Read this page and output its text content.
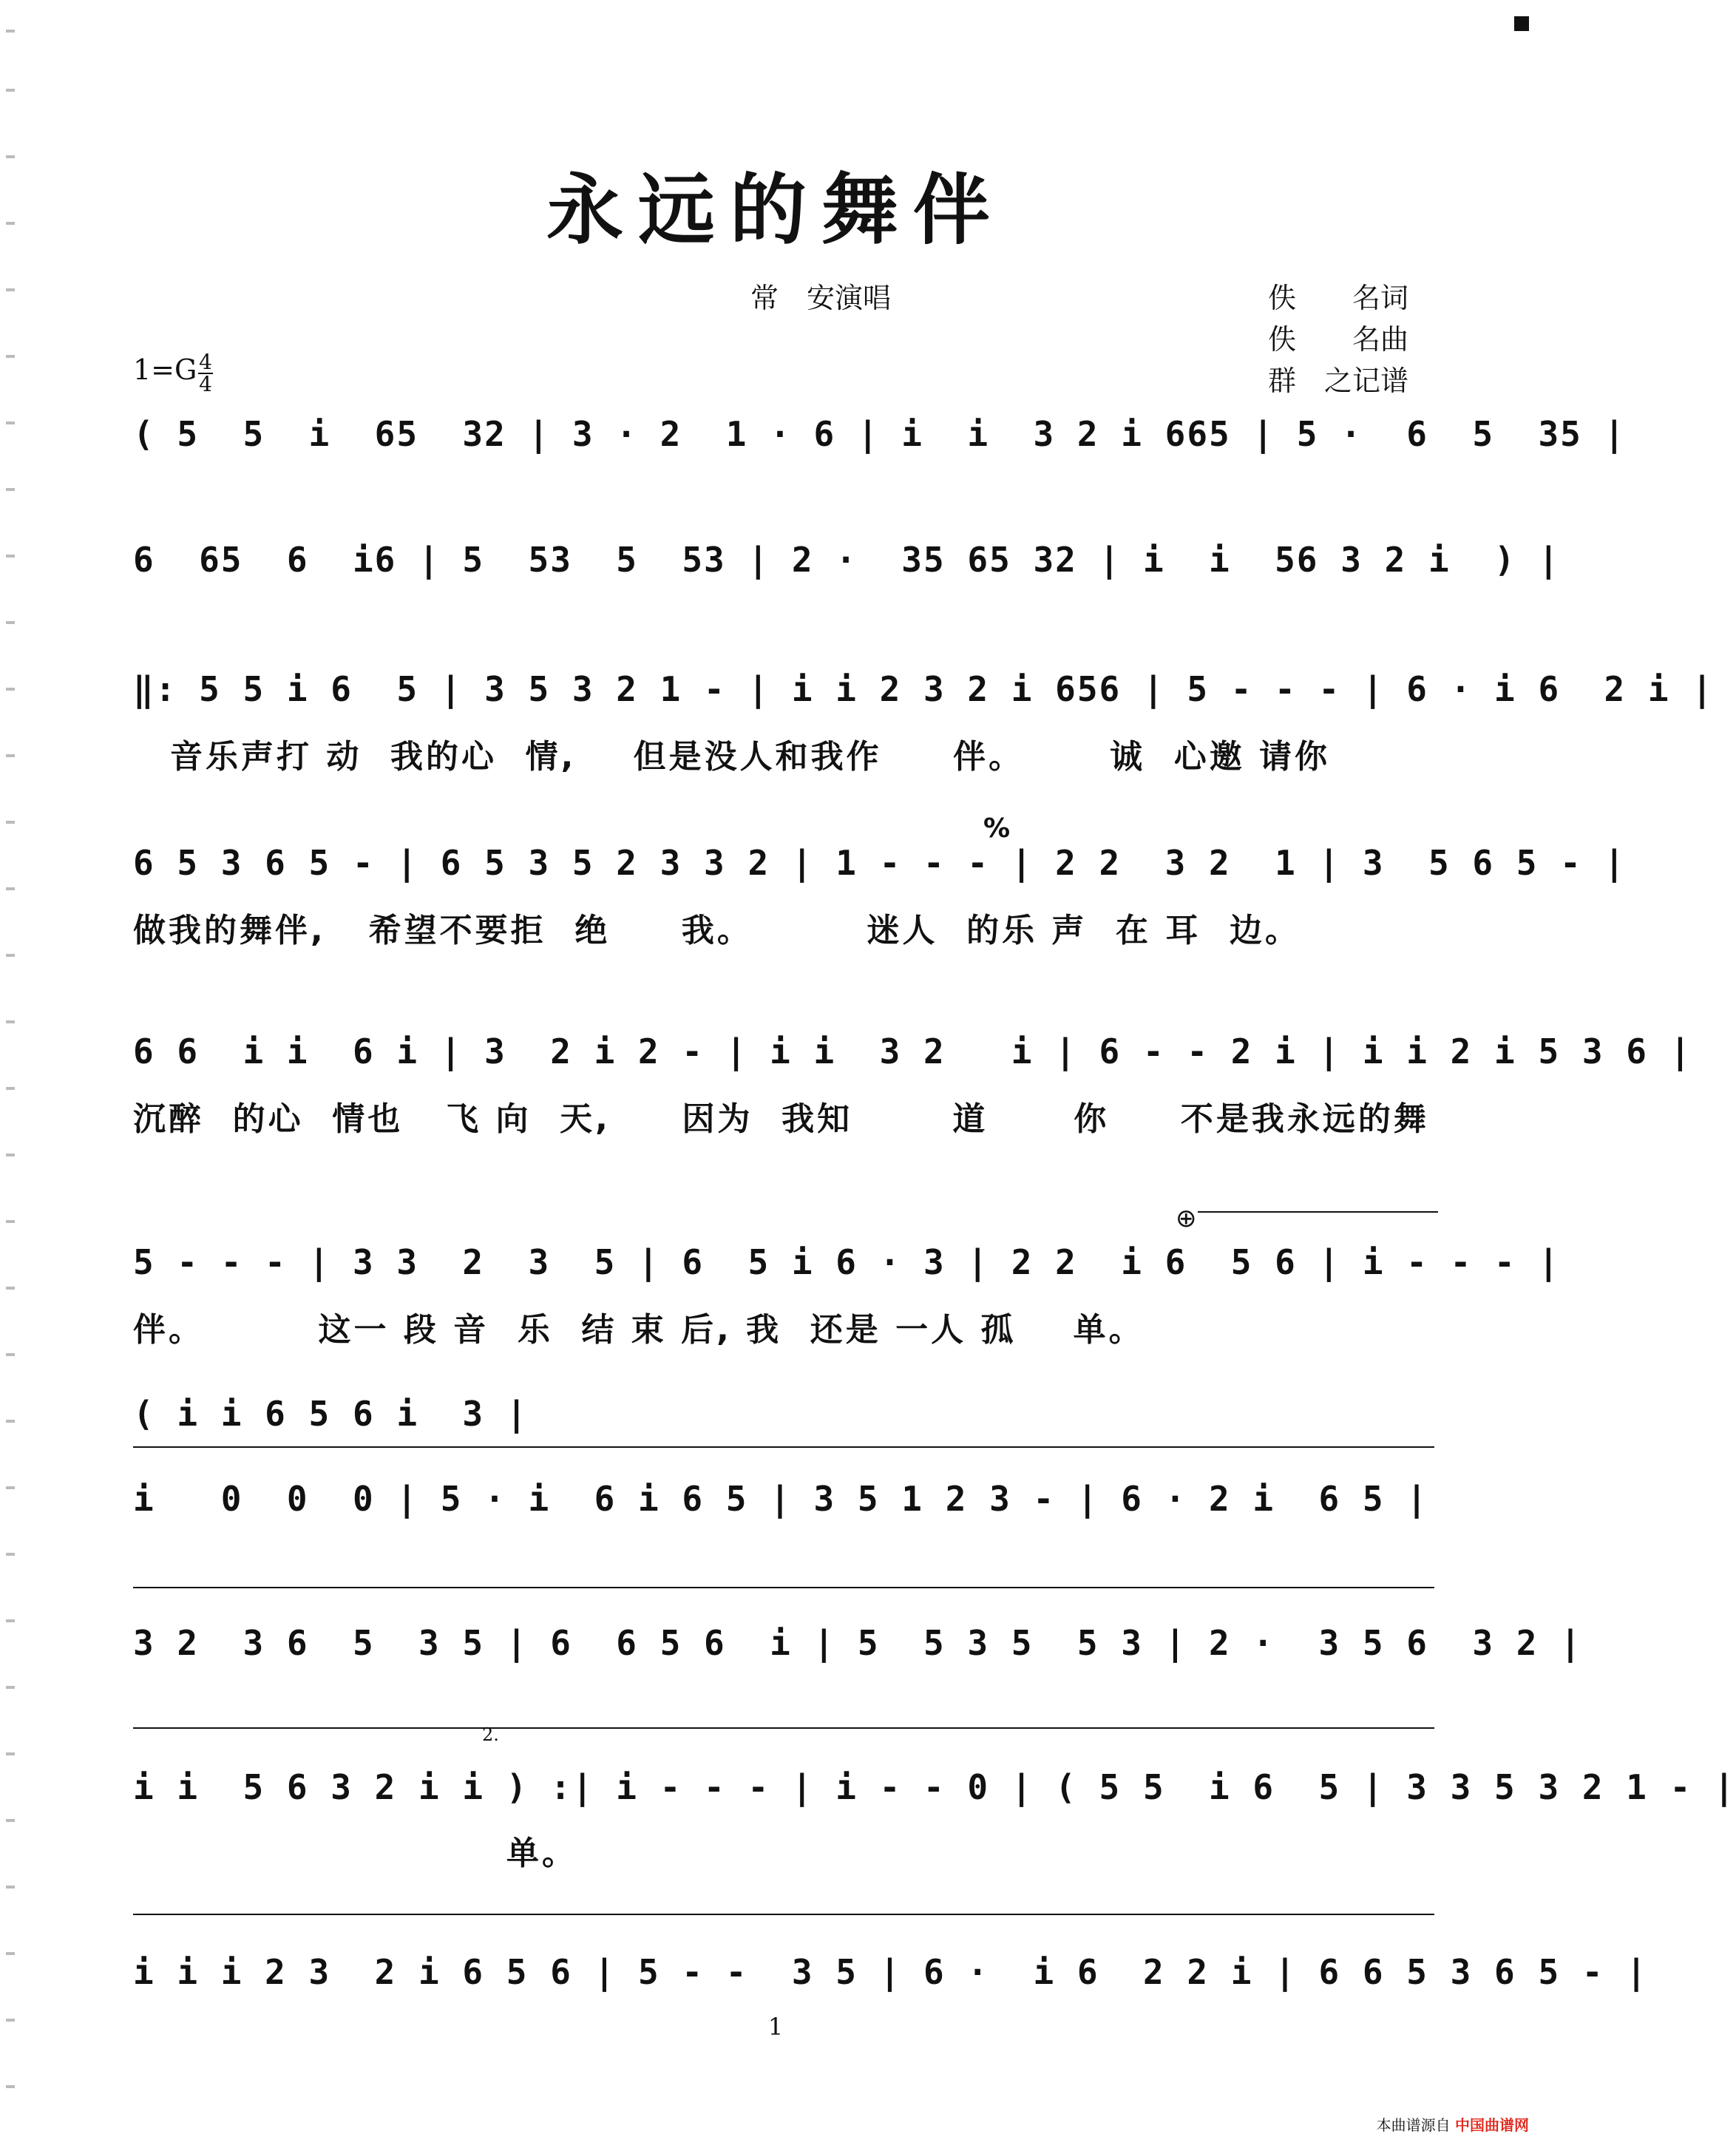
永远的舞伴
常　安演唱	佚　　名词
佚　　名曲
群　之记谱
1=G 4
4
( 5  5  i  65  32 | 3 · 2  1 · 6 | i  i  3 2 i 665 | 5 ·  6  5  35 |
6  65  6  i6 | 5  53  5  53 | 2 ·  35 65 32 | i  i  56 3 2 i  ) |
‖: 5 5 i 6  5 | 3 5 3 2 1 - | i i 2 3 2 i 656 | 5 - - - | 6 · i 6  2 i |
音乐声打 动  我的心  情,    但是没人和我作     伴。      诚  心邀 请你
%
6 5 3 6 5 - | 6 5 3 5 2 3 3 2 | 1 - - - | 2 2  3 2  1 | 3  5 6 5 - |
做我的舞伴,   希望不要拒  绝     我。        迷人  的乐 声  在 耳  边。
6 6  i i  6 i | 3  2 i 2 - | i i  3 2   i | 6 - - 2 i | i i 2 i 5 3 6 |
沉醉  的心  情也   飞 向  天,     因为  我知       道      你     不是我永远的舞
⊕
5 - - - | 3 3  2  3  5 | 6  5 i 6 · 3 | 2 2  i 6  5 6 | i - - - |
伴。        这一 段 音  乐  结 束 后, 我  还是 一人 孤    单。
( i i 6 5 6 i  3 |
i   0  0  0 | 5 · i  6 i 6 5 | 3 5 1 2 3 - | 6 · 2 i  6 5 |
3 2  3 6  5  3 5 | 6  6 5 6  i | 5  5 3 5  5 3 | 2 ·  3 5 6  3 2 |
2.
i i  5 6 3 2 i i ) :| i - - - | i - - 0 | ( 5 5  i 6  5 | 3 3 5 3 2 1 - |
单。
i i i 2 3  2 i 6 5 6 | 5 - -  3 5 | 6 ·  i 6  2 2 i | 6 6 5 3 6 5 - |
1
本曲谱源自 中国曲谱网
